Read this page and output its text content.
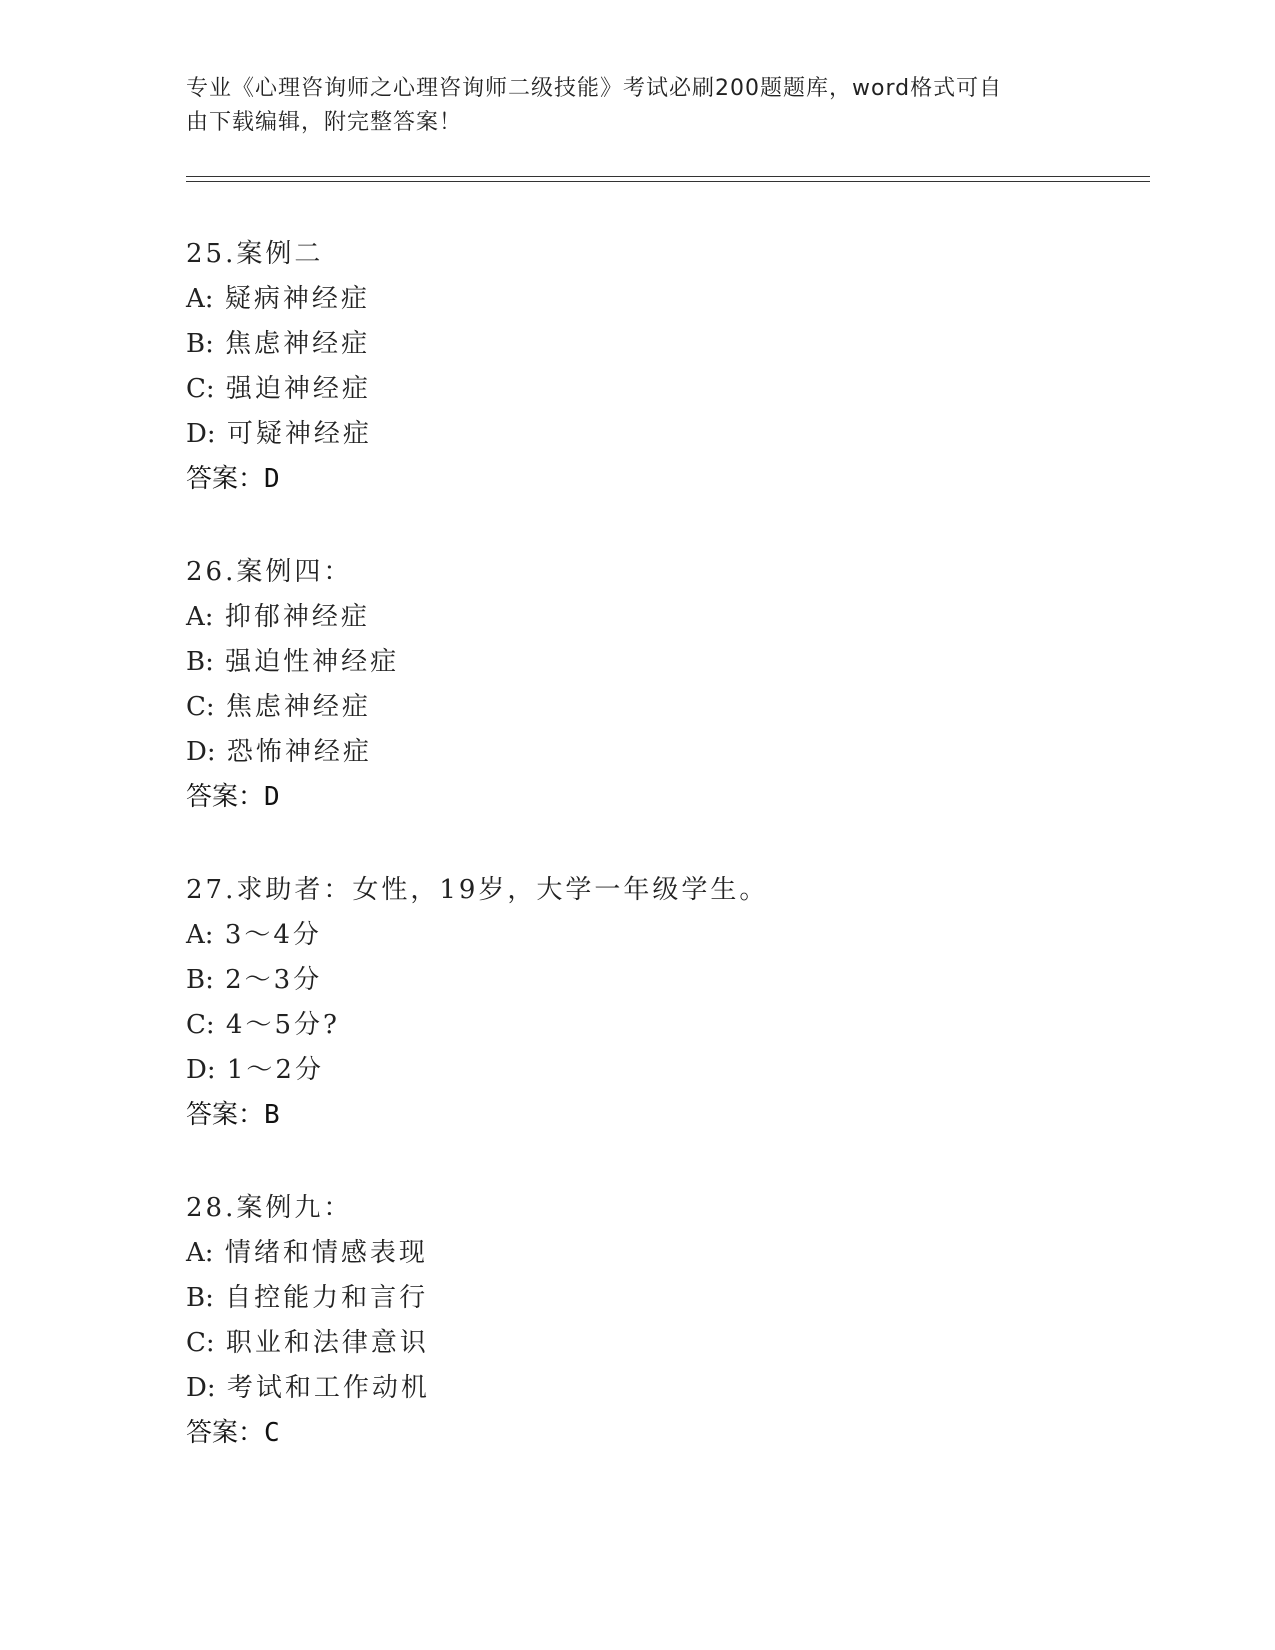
专业《心理咨询师之心理咨询师二级技能》考试必刷200题题库，word格式可自
由下载编辑，附完整答案！
25.案例二
A: 疑病神经症
B: 焦虑神经症
C: 强迫神经症
D: 可疑神经症
答案：D
26.案例四：
A: 抑郁神经症
B: 强迫性神经症
C: 焦虑神经症
D: 恐怖神经症
答案：D
27.求助者：女性，19岁，大学一年级学生。
A: 3～4分
B: 2～3分
C: 4～5分?
D: 1～2分
答案：B
28.案例九：
A: 情绪和情感表现
B: 自控能力和言行
C: 职业和法律意识
D: 考试和工作动机
答案：C
